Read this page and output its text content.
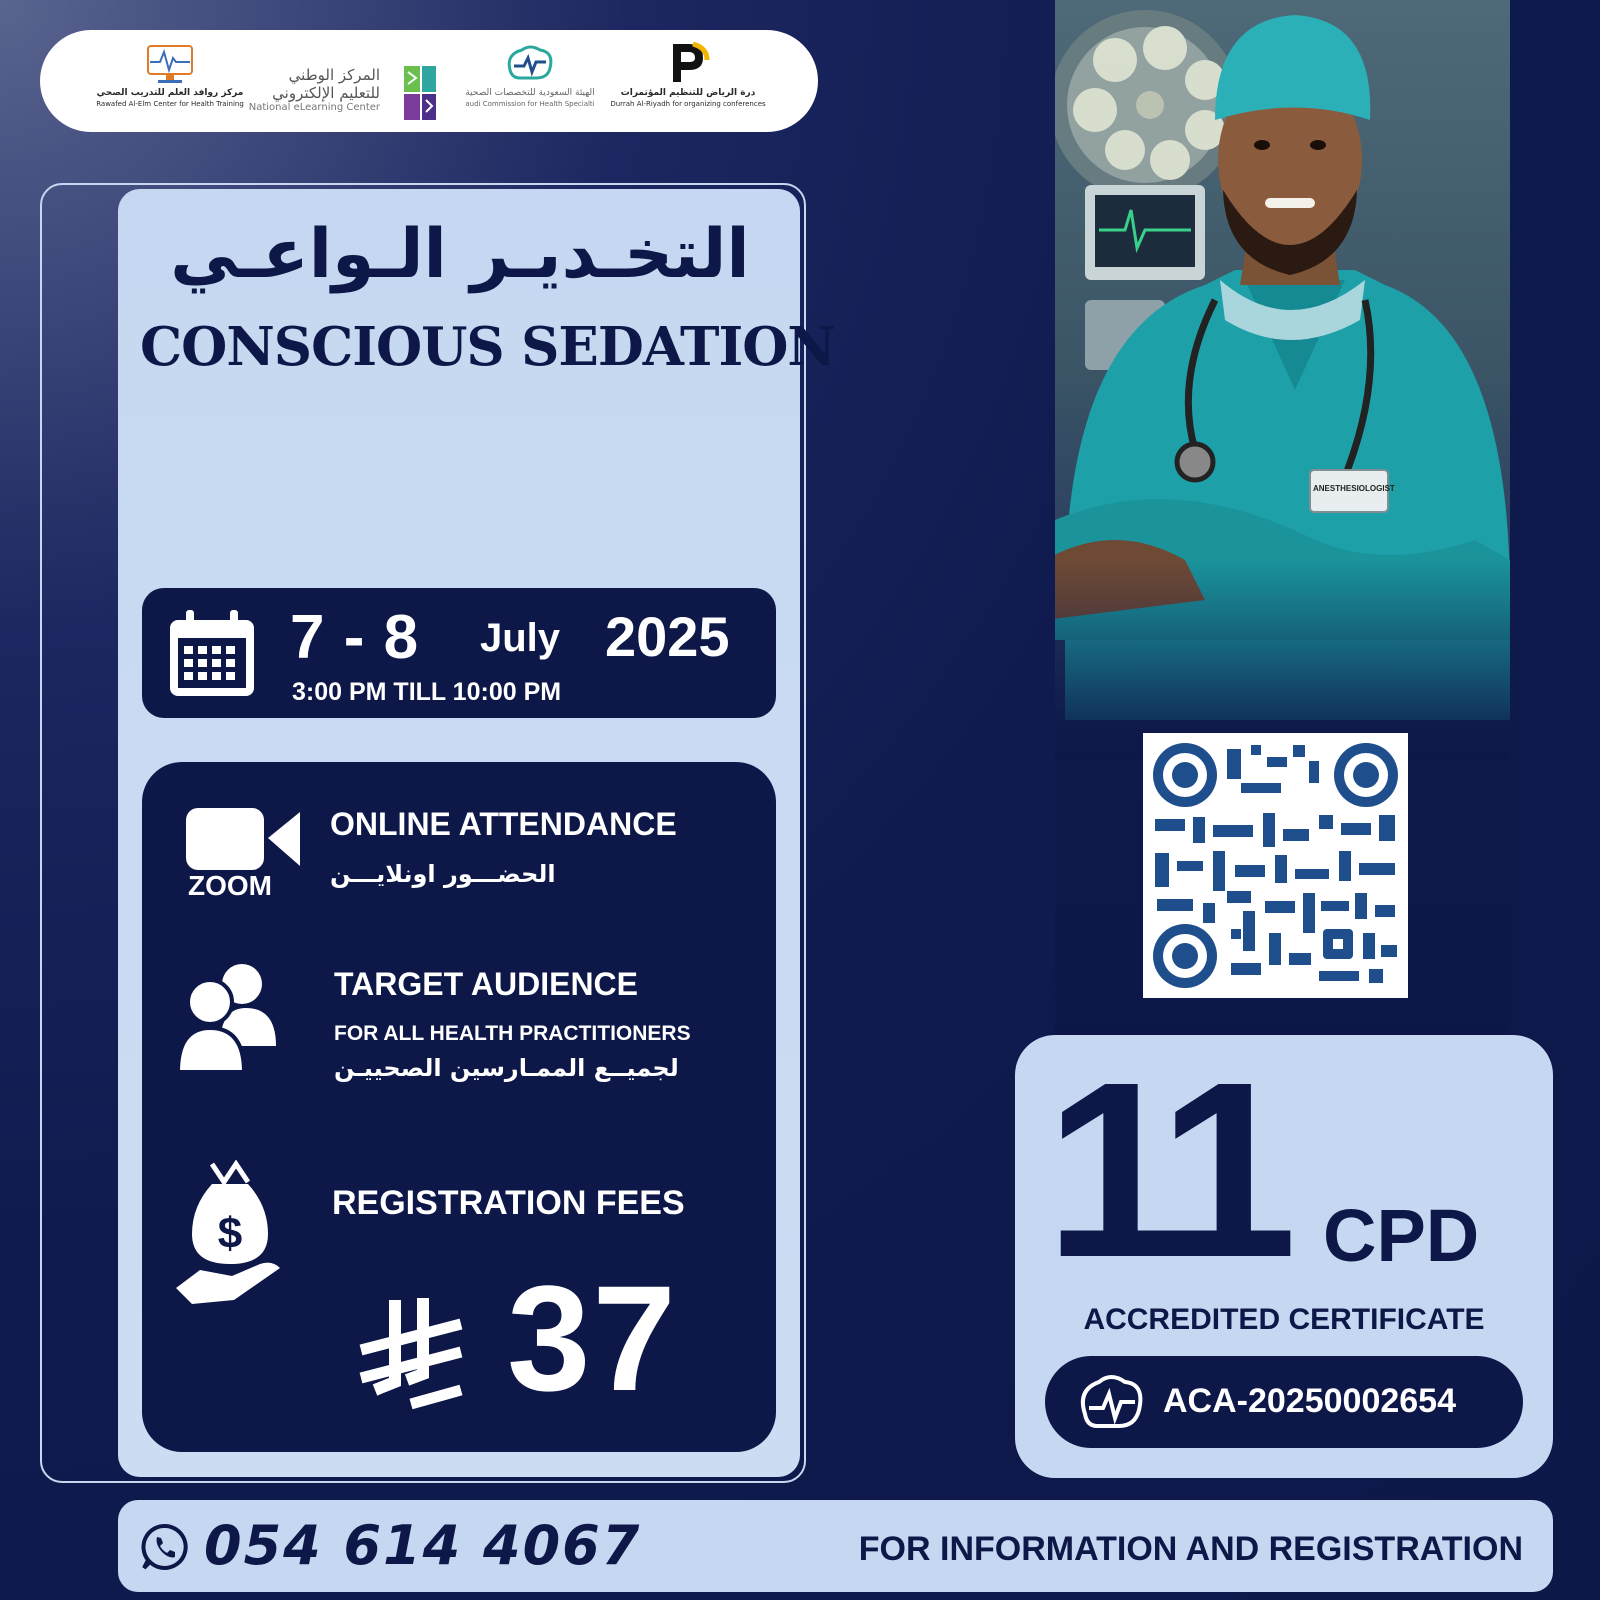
مركز روافد العلم للتدريب الصحي
Rawafed Al-Elm Center for Health Training
المركز الوطني
للتعليم الإلكتروني
National eLearning Center
الهيئة السعودية للتخصصات الصحية
audi Commission for Health Specialti
درة الرياض للتنظيم المؤتمرات
Durrah Al-Riyadh for organizing conferences
التخـديـر الـواعـي
CONSCIOUS SEDATION
7 - 8 July 2025
3:00 PM TILL 10:00 PM
ZOOM
ONLINE ATTENDANCE
الحضـــور اونلايـــن
TARGET AUDIENCE
FOR ALL HEALTH PRACTITIONERS
لجميــع الممـارسين الصحييـن
$
REGISTRATION FEES
37
ANESTHESIOLOGIST
11 CPD
ACCREDITED CERTIFICATE
ACA-20250002654
054 614 4067	FOR INFORMATION AND REGISTRATION
